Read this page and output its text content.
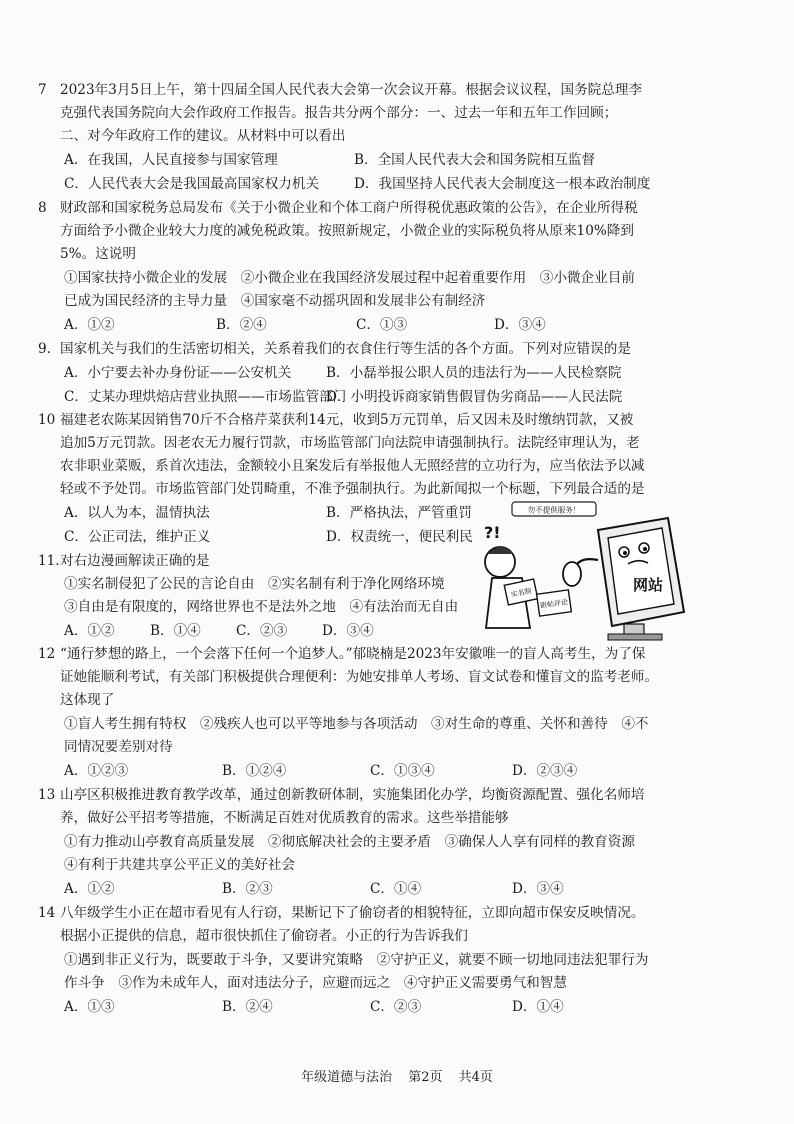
7 2023年3月5日上午，第十四届全国人民代表大会第一次会议开幕。根据会议议程，国务院总理李
克强代表国务院向大会作政府工作报告。报告共分两个部分：一、过去一年和五年工作回顾；
二、对今年政府工作的建议。从材料中可以看出
A．在我国，人民直接参与国家管理	B．全国人民代表大会和国务院相互监督
C．人民代表大会是我国最高国家权力机关	D．我国坚持人民代表大会制度这一根本政治制度
8 财政部和国家税务总局发布《关于小微企业和个体工商户所得税优惠政策的公告》，在企业所得税
方面给予小微企业较大力度的减免税政策。按照新规定，小微企业的实际税负将从原来10%降到
5%。这说明
①国家扶持小微企业的发展　②小微企业在我国经济发展过程中起着重要作用　③小微企业目前
已成为国民经济的主导力量　④国家毫不动摇巩固和发展非公有制经济
A．①②	B．②④	C．①③	D．③④
9. 国家机关与我们的生活密切相关，关系着我们的衣食住行等生活的各个方面。下列对应错误的是
A．小宁要去补办身份证——公安机关	B．小磊举报公职人员的违法行为——人民检察院
C．丈某办理烘焙店营业执照——市场监管部门
D．小明投诉商家销售假冒伪劣商品——人民法院
10 福建老农陈某因销售70斤不合格芹菜获利14元，收到5万元罚单，后又因未及时缴纳罚款，又被
追加5万元罚款。因老农无力履行罚款，市场监管部门向法院申请强制执行。法院经审理认为，老
农非职业菜贩，系首次违法，金额较小且案发后有举报他人无照经营的立功行为，应当依法予以减
轻或不予处罚。市场监管部门处罚畸重，不准予强制执行。为此新闻拟一个标题，下列最合适的是
A．以人为本，温情执法	B．严格执法，严管重罚
C．公正司法，维护正义	D．权责统一，便民利民
11. 对右边漫画解读正确的是
①实名制侵犯了公民的言论自由　②实名制有利于净化网络环境
③自由是有限度的，网络世界也不是法外之地　④有法治而无自由
A．①②	B．①④	C．②③	D．③④
勿不提供服务！
网站
实名制
跟帖评论
?!
12 “通行梦想的路上，一个会落下任何一个追梦人。”郁晓楠是2023年安徽唯一的盲人高考生，为了保
证她能顺利考试，有关部门积极提供合理便利：为她安排单人考场、盲文试卷和懂盲文的监考老师。
这体现了
①盲人考生拥有特权　②残疾人也可以平等地参与各项活动　③对生命的尊重、关怀和善待　④不
同情况要差别对待
A．①②③	B．①②④	C．①③④	D．②③④
13 山亭区积极推进教育教学改革，通过创新教研体制，实施集团化办学，均衡资源配置、强化名师培
养，做好公平招考等措施，不断满足百姓对优质教育的需求。这些举措能够
①有力推动山亭教育高质量发展　②彻底解决社会的主要矛盾　③确保人人享有同样的教育资源
④有利于共建共享公平正义的美好社会
A．①②	B．②③	C．①④	D．③④
14 八年级学生小正在超市看见有人行窃，果断记下了偷窃者的相貌特征，立即向超市保安反映情况。
根据小正提供的信息，超市很快抓住了偷窃者。小正的行为告诉我们
①遇到非正义行为，既要敢于斗争，又要讲究策略　②守护正义，就要不顾一切地同违法犯罪行为
作斗争　③作为未成年人，面对违法分子，应避而远之　④守护正义需要勇气和智慧
A．①③	B．②④	C．②③	D．①④
年级道德与法治 第2页 共4页
